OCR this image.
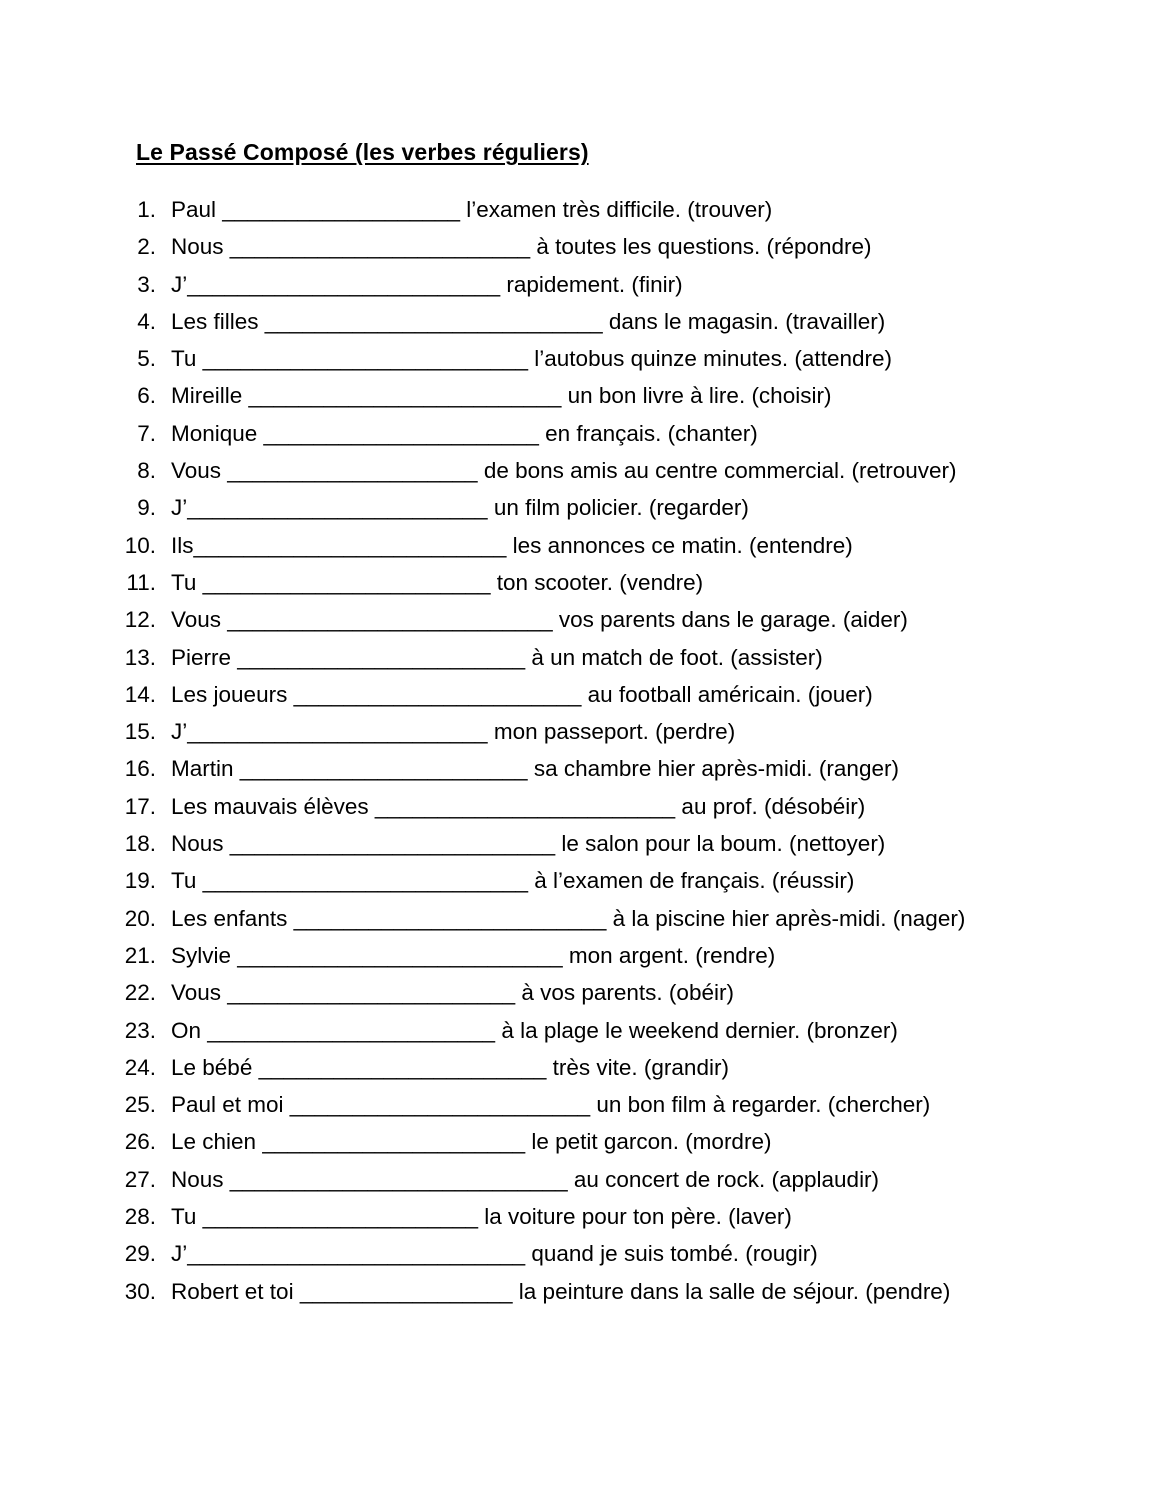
Le Passé Composé (les verbes réguliers)
1. Paul ___________________ l’examen très difficile. (trouver)
2. Nous ________________________ à toutes les questions. (répondre)
3. J’_________________________ rapidement. (finir)
4. Les filles ___________________________ dans le magasin. (travailler)
5. Tu __________________________ l’autobus quinze minutes. (attendre)
6. Mireille _________________________ un bon livre à lire. (choisir)
7. Monique ______________________ en français. (chanter)
8. Vous ____________________ de bons amis au centre commercial. (retrouver)
9. J’________________________ un film policier. (regarder)
10. Ils_________________________ les annonces ce matin. (entendre)
11. Tu _______________________ ton scooter. (vendre)
12. Vous __________________________ vos parents dans le garage. (aider)
13. Pierre _______________________ à un match de foot. (assister)
14. Les joueurs _______________________ au football américain. (jouer)
15. J’________________________ mon passeport. (perdre)
16. Martin _______________________ sa chambre hier après-midi. (ranger)
17. Les mauvais élèves ________________________ au prof. (désobéir)
18. Nous __________________________ le salon pour la boum. (nettoyer)
19. Tu __________________________ à l’examen de français. (réussir)
20. Les enfants _________________________ à la piscine hier après-midi. (nager)
21. Sylvie __________________________ mon argent. (rendre)
22. Vous _______________________ à vos parents. (obéir)
23. On _______________________ à la plage le weekend dernier. (bronzer)
24. Le bébé _______________________ très vite. (grandir)
25. Paul et moi ________________________ un bon film à regarder. (chercher)
26. Le chien _____________________ le petit garcon. (mordre)
27. Nous ___________________________ au concert de rock. (applaudir)
28. Tu ______________________ la voiture pour ton père. (laver)
29. J’___________________________ quand je suis tombé. (rougir)
30. Robert et toi _________________ la peinture dans la salle de séjour. (pendre)
